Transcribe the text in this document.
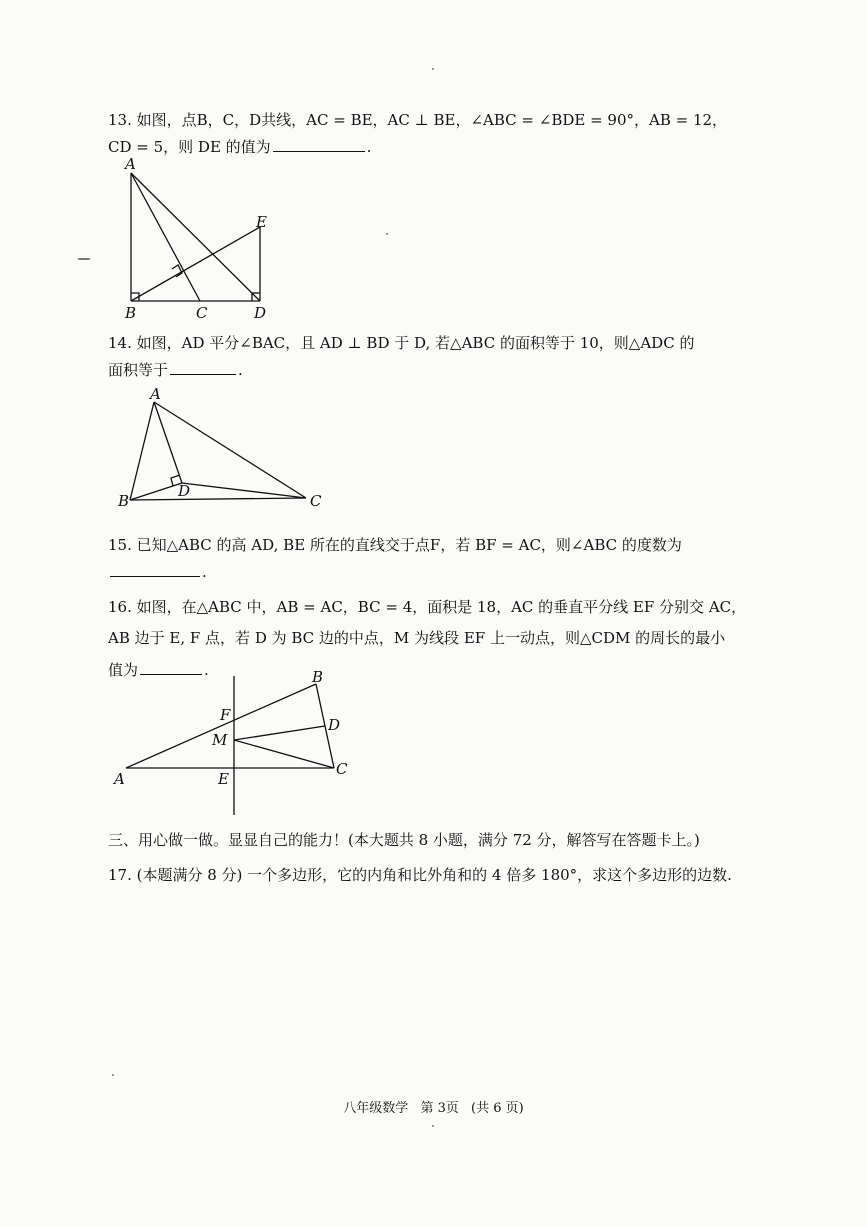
13. 如图，点B，C，D共线，AC = BE，AC ⊥ BE，∠ABC = ∠BDE = 90°，AB = 12，
CD = 5，则 DE 的值为	.
A
B	C	D
E
14. 如图，AD 平分∠BAC，且 AD ⊥ BD 于 D, 若△ABC 的面积等于 10，则△ADC 的
面积等于	.
A
B	C
D
15. 已知△ABC 的高 AD, BE 所在的直线交于点F，若 BF = AC，则∠ABC 的度数为
.
16. 如图，在△ABC 中，AB = AC，BC = 4，面积是 18，AC 的垂直平分线 EF 分别交 AC，
AB 边于 E, F 点，若 D 为 BC 边的中点，M 为线段 EF 上一动点，则△CDM 的周长的最小
值为	.
A
B
C
D
E
F
M
三、用心做一做。显显自己的能力！(本大题共 8 小题，满分 72 分，解答写在答题卡上。)
17. (本题满分 8 分) 一个多边形，它的内角和比外角和的 4 倍多 180°，求这个多边形的边数.
八年级数学 第 3页 (共 6 页)
